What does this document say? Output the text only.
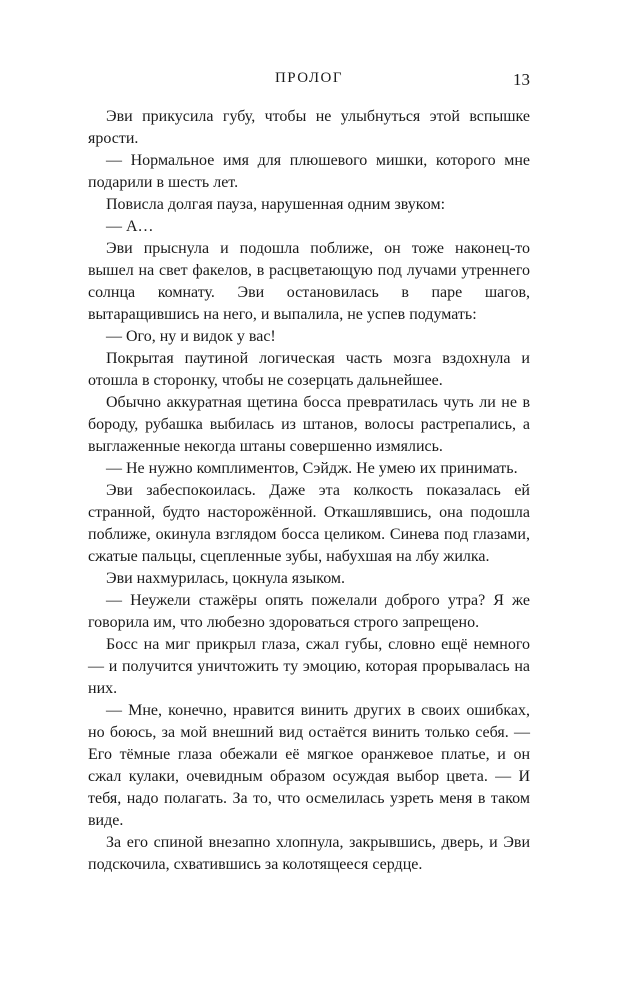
ПРОЛОГ	13

Эви прикусила губу, чтобы не улыбнуться этой вспышке ярости.

— Нормальное имя для плюшевого мишки, которого мне подарили в шесть лет.

Повисла долгая пауза, нарушенная одним звуком:

— А…

Эви прыснула и подошла поближе, он тоже наконец-то вышел на свет факелов, в расцветающую под лучами утреннего солнца комнату. Эви остановилась в паре шагов, вытаращившись на него, и выпалила, не успев подумать:

— Ого, ну и видок у вас!

Покрытая паутиной логическая часть мозга вздохнула и отошла в сторонку, чтобы не созерцать дальнейшее.

Обычно аккуратная щетина босса превратилась чуть ли не в бороду, рубашка выбилась из штанов, волосы растрепались, а выглаженные некогда штаны совершенно измялись.

— Не нужно комплиментов, Сэйдж. Не умею их принимать.

Эви забеспокоилась. Даже эта колкость показалась ей странной, будто насторожённой. Откашлявшись, она подошла поближе, окинула взглядом босса целиком. Синева под глазами, сжатые пальцы, сцепленные зубы, набухшая на лбу жилка.

Эви нахмурилась, цокнула языком.

— Неужели стажёры опять пожелали доброго утра? Я же говорила им, что любезно здороваться строго запрещено.

Босс на миг прикрыл глаза, сжал губы, словно ещё немного — и получится уничтожить ту эмоцию, которая прорывалась на них.

— Мне, конечно, нравится винить других в своих ошибках, но боюсь, за мой внешний вид остаётся винить только себя. — Его тёмные глаза обежали её мягкое оранжевое платье, и он сжал кулаки, очевидным образом осуждая выбор цвета. — И тебя, надо полагать. За то, что осмелилась узреть меня в таком виде.

За его спиной внезапно хлопнула, закрывшись, дверь, и Эви подскочила, схватившись за колотящееся сердце.
